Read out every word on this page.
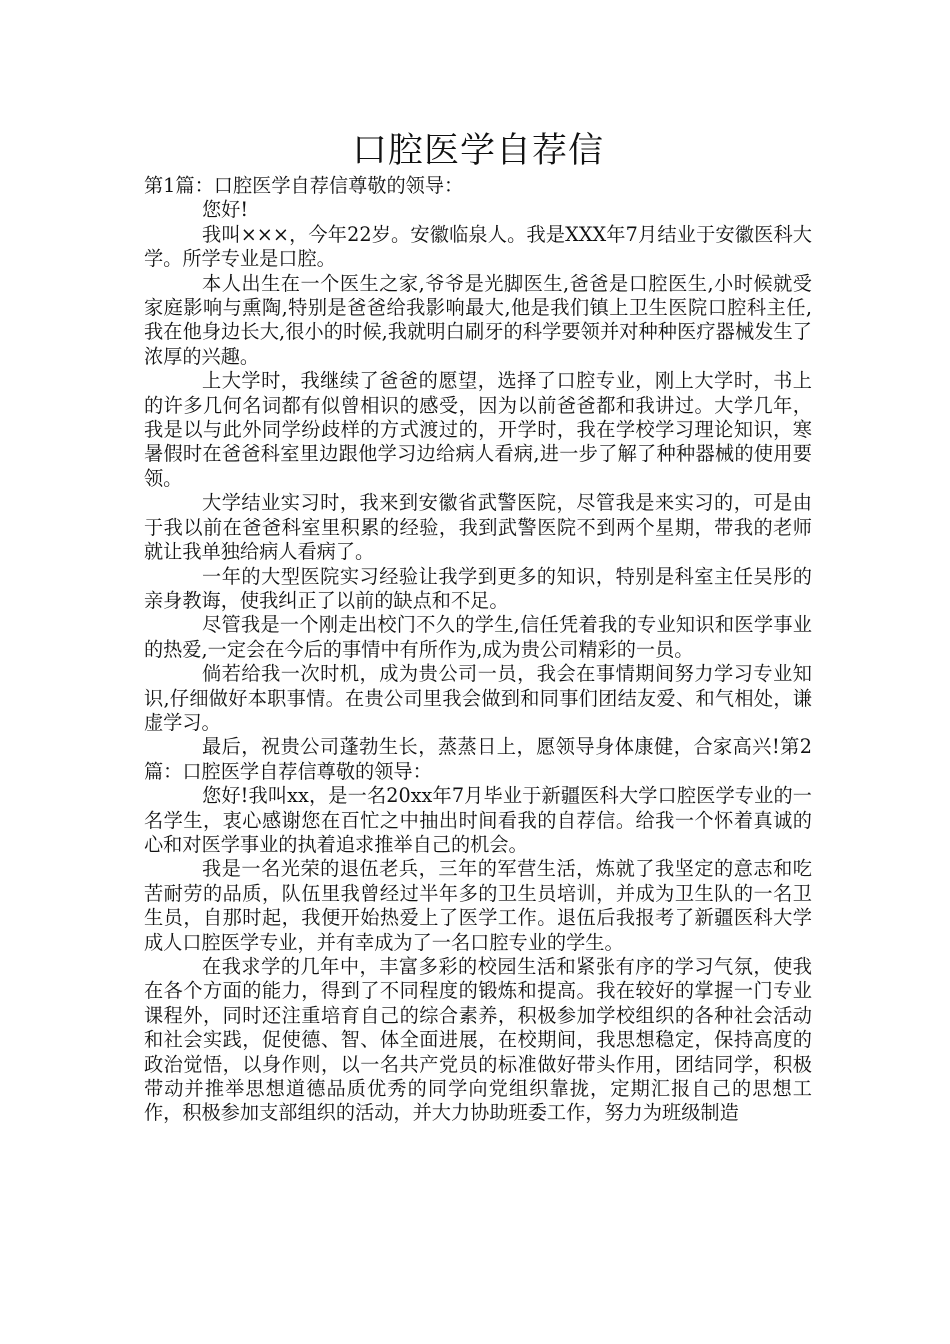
口腔医学自荐信

第1篇：口腔医学自荐信尊敬的领导：

您好!

我叫×××，今年22岁。安徽临泉人。我是XXX年7月结业于安徽医科大学。所学专业是口腔。

本人出生在一个医生之家,爷爷是光脚医生,爸爸是口腔医生,小时候就受家庭影响与熏陶,特别是爸爸给我影响最大,他是我们镇上卫生医院口腔科主任,我在他身边长大,很小的时候,我就明白刷牙的科学要领并对种种医疗器械发生了浓厚的兴趣。

上大学时，我继续了爸爸的愿望，选择了口腔专业，刚上大学时，书上的许多几何名词都有似曾相识的感受，因为以前爸爸都和我讲过。大学几年，我是以与此外同学纷歧样的方式渡过的，开学时，我在学校学习理论知识，寒暑假时在爸爸科室里边跟他学习边给病人看病,进一步了解了种种器械的使用要领。

大学结业实习时，我来到安徽省武警医院，尽管我是来实习的，可是由于我以前在爸爸科室里积累的经验，我到武警医院不到两个星期，带我的老师就让我单独给病人看病了。

一年的大型医院实习经验让我学到更多的知识，特别是科室主任吴彤的亲身教诲，使我纠正了以前的缺点和不足。

尽管我是一个刚走出校门不久的学生,信任凭着我的专业知识和医学事业的热爱,一定会在今后的事情中有所作为,成为贵公司精彩的一员。

倘若给我一次时机，成为贵公司一员，我会在事情期间努力学习专业知识,仔细做好本职事情。在贵公司里我会做到和同事们团结友爱、和气相处，谦虚学习。

最后，祝贵公司蓬勃生长，蒸蒸日上，愿领导身体康健，合家高兴!第2篇：口腔医学自荐信尊敬的领导：

您好!我叫xx，是一名20xx年7月毕业于新疆医科大学口腔医学专业的一名学生，衷心感谢您在百忙之中抽出时间看我的自荐信。给我一个怀着真诚的心和对医学事业的执着追求推举自己的机会。

我是一名光荣的退伍老兵，三年的军营生活，炼就了我坚定的意志和吃苦耐劳的品质，队伍里我曾经过半年多的卫生员培训，并成为卫生队的一名卫生员，自那时起，我便开始热爱上了医学工作。退伍后我报考了新疆医科大学成人口腔医学专业，并有幸成为了一名口腔专业的学生。

在我求学的几年中，丰富多彩的校园生活和紧张有序的学习气氛，使我在各个方面的能力，得到了不同程度的锻炼和提高。我在较好的掌握一门专业课程外，同时还注重培育自己的综合素养，积极参加学校组织的各种社会活动和社会实践，促使德、智、体全面进展，在校期间，我思想稳定，保持高度的政治觉悟，以身作则，以一名共产党员的标准做好带头作用，团结同学，积极带动并推举思想道德品质优秀的同学向党组织靠拢，定期汇报自己的思想工作，积极参加支部组织的活动，并大力协助班委工作，努力为班级制造
